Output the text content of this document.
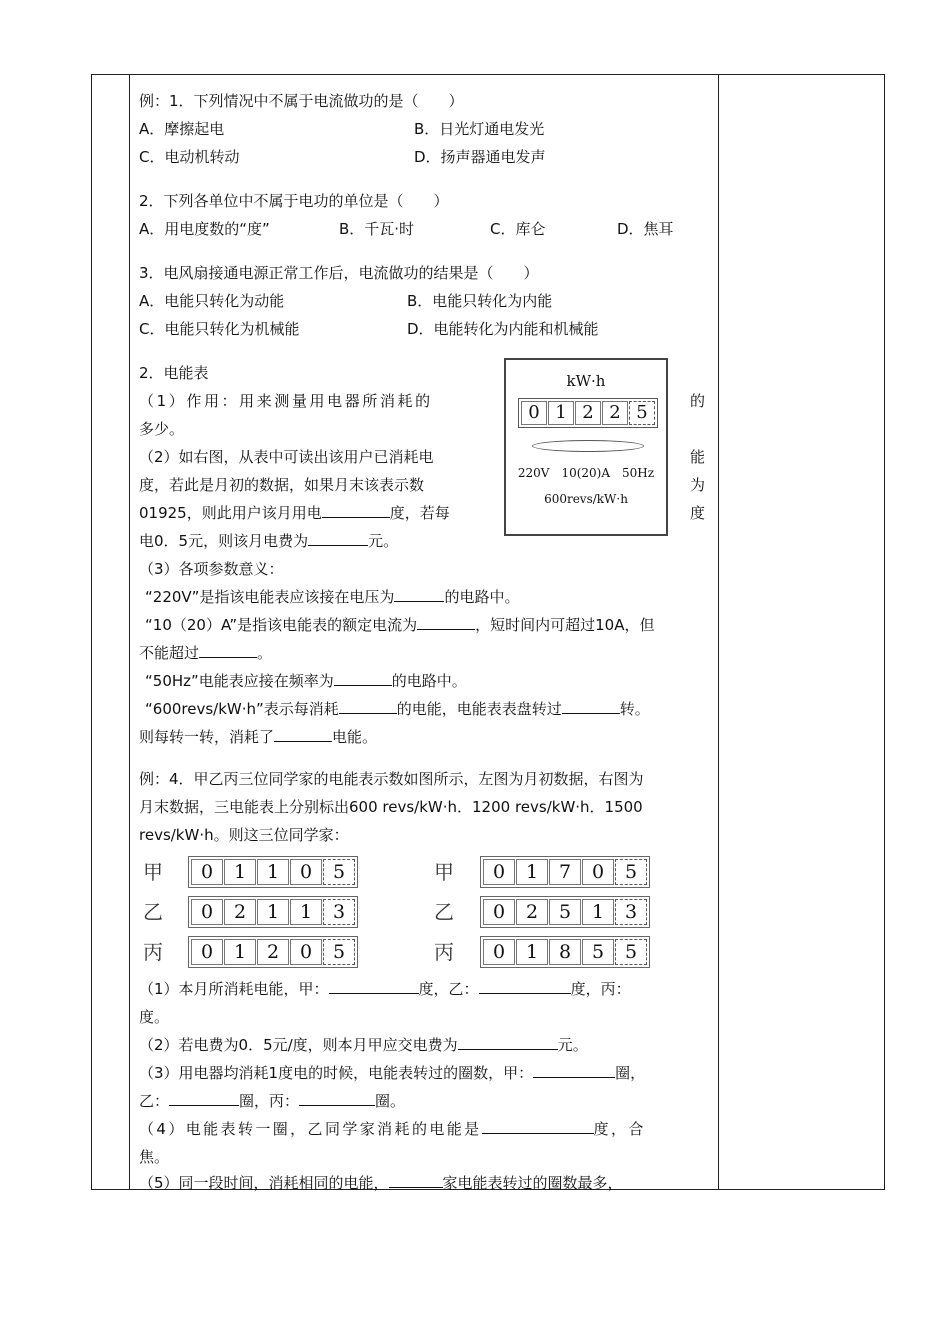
例：1．下列情况中不属于电流做功的是（　　）
A．摩擦起电	B．日光灯通电发光
C．电动机转动	D．扬声器通电发声
2．下列各单位中不属于电功的单位是（　　）
A．用电度数的“度”	B．千瓦·时	C．库仑	D．焦耳
3．电风扇接通电源正常工作后，电流做功的结果是（　　）
A．电能只转化为动能	B．电能只转化为内能
C．电能只转化为机械能	D．电能转化为内能和机械能
2．电能表
（1）作用：用来测量用电器所消耗的	的
多少。
（2）如右图，从表中可读出该用户已消耗电	能
度，若此是月初的数据，如果月末该表示数	为
01925，则此用户该月用电	度，若每	度
电0．5元，则该月电费为	元。
（3）各项参数意义：
“220V”是指该电能表应该接在电压为	的电路中。
“10（20）A”是指该电能表的额定电流为	，短时间内可超过10A，但
不能超过	。
“50Hz”电能表应接在频率为	的电路中。
“600revs/kW·h”表示每消耗	的电能，电能表表盘转过	转。
则每转一转，消耗了	电能。
kW·h
0 1 2 2 5
220V　10(20)A　50Hz
600revs/kW·h
例：4．甲乙丙三位同学家的电能表示数如图所示，左图为月初数据，右图为
月末数据，三电能表上分别标出600 revs/kW·h．1200 revs/kW·h．1500
revs/kW·h。则这三位同学家：
甲	0	1	1	0	5
乙	0	2	1	1	3
丙	0	1	2	0	5
甲	0	1	7	0	5
乙	0	2	5	1	3
丙	0	1	8	5	5
（1）本月所消耗电能，甲：	度，乙：	度，丙：
度。
（2）若电费为0．5元/度，则本月甲应交电费为	元。
（3）用电器均消耗1度电的时候，电能表转过的圈数，甲：	圈，
乙：	圈，丙：	圈。
（4）电能表转一圈，乙同学家消耗的电能是	度，合
焦。
（5）同一段时间，消耗相同的电能，	家电能表转过的圈数最多，
